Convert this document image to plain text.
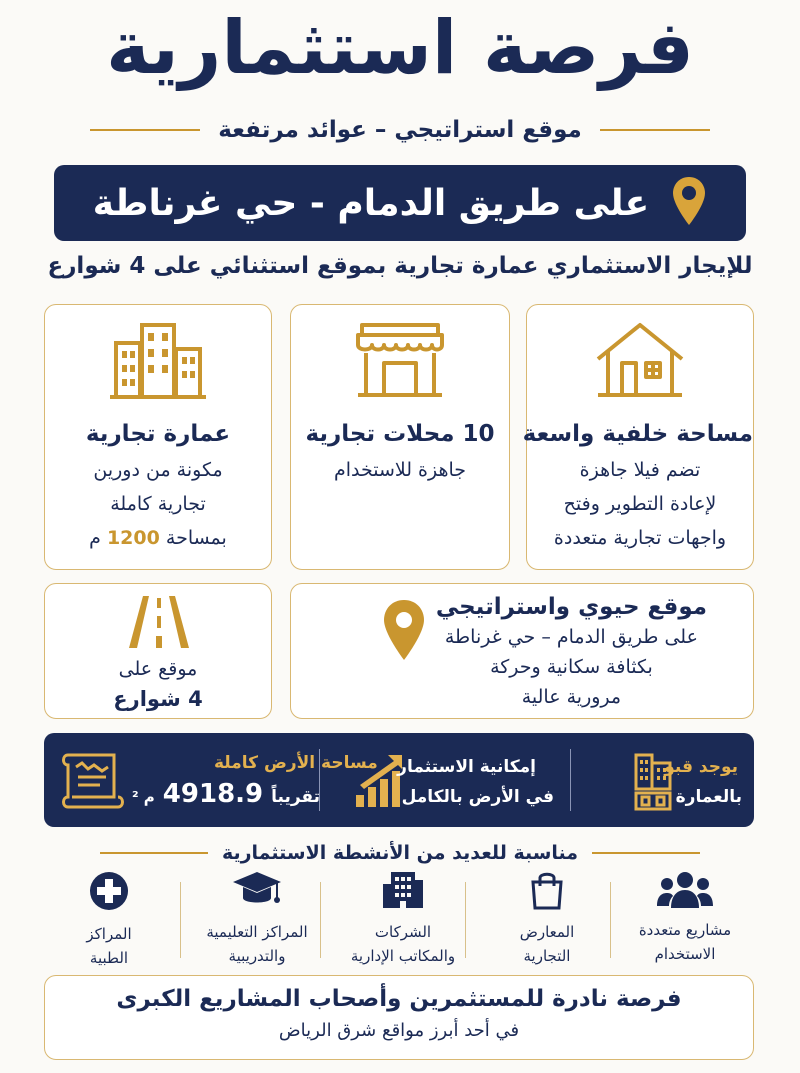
فرصة استثمارية
موقع استراتيجي – عوائد مرتفعة
على طريق الدمام - حي غرناطة
للإيجار الاستثماري عمارة تجارية بموقع استثنائي على 4 شوارع
مساحة خلفية واسعة
تضم فيلا جاهزة
لإعادة التطوير وفتح
واجهات تجارية متعددة
10 محلات تجارية
جاهزة للاستخدام
عمارة تجارية
مكونة من دورين
تجارية كاملة
بمساحة 1200 م
موقع حيوي واستراتيجي
على طريق الدمام – حي غرناطة
بكثافة سكانية وحركة
مرورية عالية
موقع على
4 شوارع
يوجد قبو
بالعمارة
إمكانية الاستثمار
في الأرض بالكامل
مساحة الأرض كاملة
تقريباً
4918.9
م ²
مناسبة للعديد من الأنشطة الاستثمارية
مشاريع متعددة
الاستخدام
المعارض
التجارية
الشركات
والمكاتب الإدارية
المراكز التعليمية
والتدريبية
المراكز
الطبية
فرصة نادرة للمستثمرين وأصحاب المشاريع الكبرى
في أحد أبرز مواقع شرق الرياض
